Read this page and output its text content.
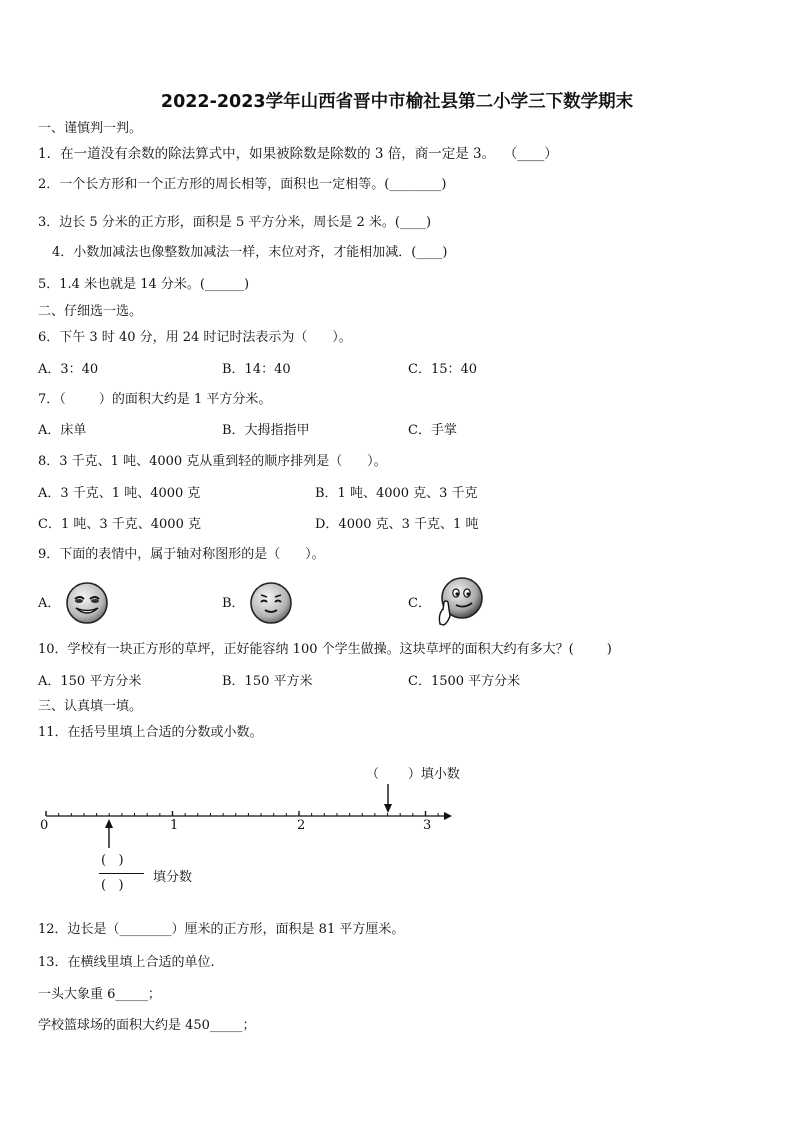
2022-2023学年山西省晋中市榆社县第二小学三下数学期末
一、谨慎判一判。
1．在一道没有余数的除法算式中，如果被除数是除数的 3 倍，商一定是 3。  （____）
2．一个长方形和一个正方形的周长相等，面积也一定相等。(________)
3．边长 5 分米的正方形，面积是 5 平方分米，周长是 2 米。(____)
4．小数加减法也像整数加减法一样，末位对齐，才能相加减．(____)
5．1.4 米也就是 14 分米。(______)
二、仔细选一选。
6．下午 3 时 40 分，用 24 时记时法表示为（      ）。
A．3：40	B．14：40	C．15：40
7．（        ）的面积大约是 1 平方分米。
A．床单	B．大拇指指甲	C．手掌
8．3 千克、1 吨、4000 克从重到轻的顺序排列是（      ）。
A．3 千克、1 吨、4000 克	B．1 吨、4000 克、3 千克
C．1 吨、3 千克、4000 克	D．4000 克、3 千克、1 吨
9．下面的表情中，属于轴对称图形的是（      ）。
A．	B．	C．
10．学校有一块正方形的草坪，正好能容纳 100 个学生做操。这块草坪的面积大约有多大？(        )
A．150 平方分米	B．150 平方米	C．1500 平方分米
三、认真填一填。
11．在括号里填上合适的分数或小数。
（       ）填小数
0	1	2	3
(   )
(   )
填分数
12．边长是（________）厘米的正方形，面积是 81 平方厘米。
13．在横线里填上合适的单位.
一头大象重 6_____；
学校篮球场的面积大约是 450_____；
